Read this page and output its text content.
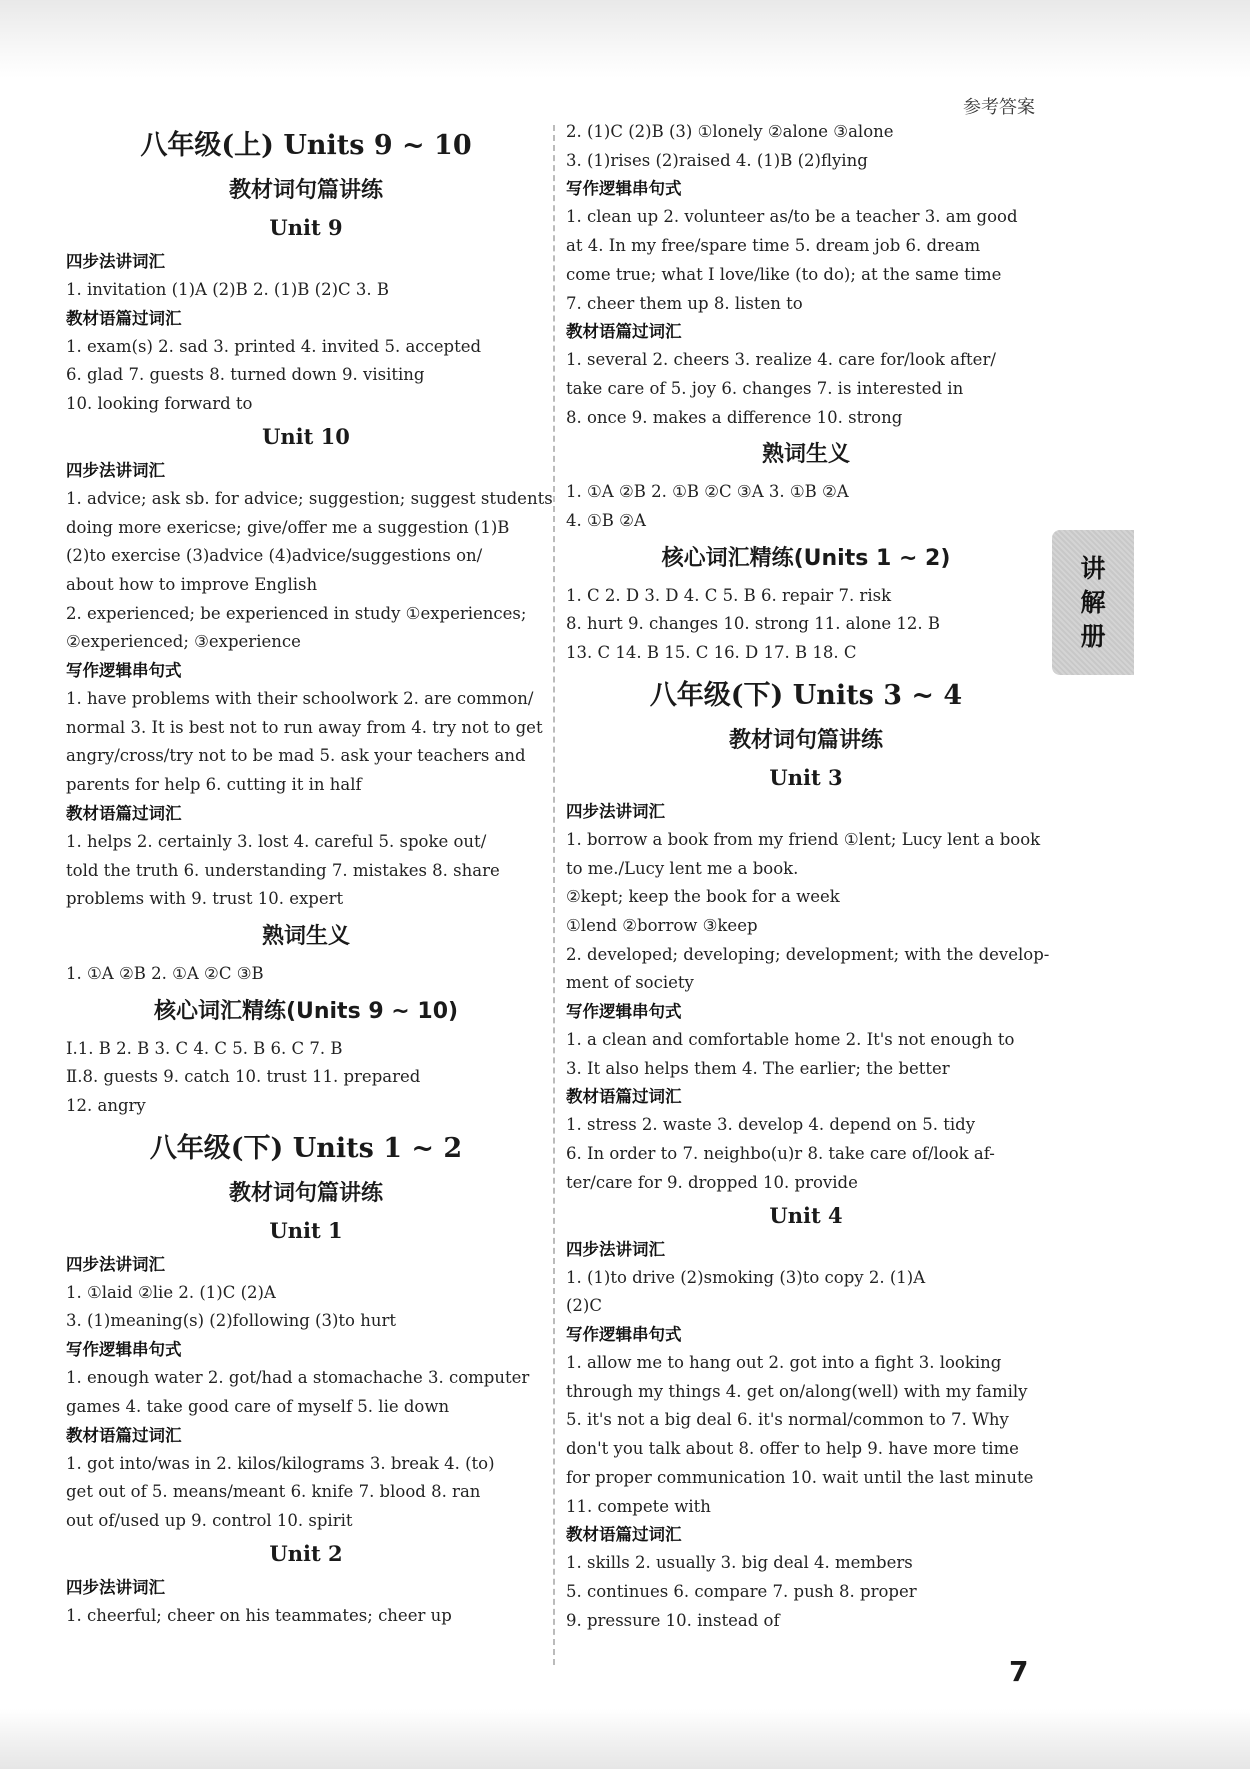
参考答案
八年级(上) Units 9 ~ 10
教材词句篇讲练
Unit 9
四步法讲词汇
1. invitation (1)A (2)B 2. (1)B (2)C 3. B
教材语篇过词汇
1. exam(s) 2. sad 3. printed 4. invited 5. accepted
6. glad 7. guests 8. turned down 9. visiting
10. looking forward to
Unit 10
四步法讲词汇
1. advice; ask sb. for advice; suggestion; suggest students
doing more exericse; give/offer me a suggestion (1)B
(2)to exercise (3)advice (4)advice/suggestions on/
about how to improve English
2. experienced; be experienced in study ①experiences;
②experienced; ③experience
写作逻辑串句式
1. have problems with their schoolwork 2. are common/
normal 3. It is best not to run away from 4. try not to get
angry/cross/try not to be mad 5. ask your teachers and
parents for help 6. cutting it in half
教材语篇过词汇
1. helps 2. certainly 3. lost 4. careful 5. spoke out/
told the truth 6. understanding 7. mistakes 8. share
problems with 9. trust 10. expert
熟词生义
1. ①A ②B 2. ①A ②C ③B
核心词汇精练(Units 9 ~ 10)
Ⅰ.1. B 2. B 3. C 4. C 5. B 6. C 7. B
Ⅱ.8. guests 9. catch 10. trust 11. prepared
12. angry
八年级(下) Units 1 ~ 2
教材词句篇讲练
Unit 1
四步法讲词汇
1. ①laid ②lie 2. (1)C (2)A
3. (1)meaning(s) (2)following (3)to hurt
写作逻辑串句式
1. enough water 2. got/had a stomachache 3. computer
games 4. take good care of myself 5. lie down
教材语篇过词汇
1. got into/was in 2. kilos/kilograms 3. break 4. (to)
get out of 5. means/meant 6. knife 7. blood 8. ran
out of/used up 9. control 10. spirit
Unit 2
四步法讲词汇
1. cheerful; cheer on his teammates; cheer up
2. (1)C (2)B (3) ①lonely ②alone ③alone
3. (1)rises (2)raised 4. (1)B (2)flying
写作逻辑串句式
1. clean up 2. volunteer as/to be a teacher 3. am good
at 4. In my free/spare time 5. dream job 6. dream
come true; what I love/like (to do); at the same time
7. cheer them up 8. listen to
教材语篇过词汇
1. several 2. cheers 3. realize 4. care for/look after/
take care of 5. joy 6. changes 7. is interested in
8. once 9. makes a difference 10. strong
熟词生义
1. ①A ②B 2. ①B ②C ③A 3. ①B ②A
4. ①B ②A
核心词汇精练(Units 1 ~ 2)
1. C 2. D 3. D 4. C 5. B 6. repair 7. risk
8. hurt 9. changes 10. strong 11. alone 12. B
13. C 14. B 15. C 16. D 17. B 18. C
八年级(下) Units 3 ~ 4
教材词句篇讲练
Unit 3
四步法讲词汇
1. borrow a book from my friend ①lent; Lucy lent a book
to me./Lucy lent me a book.
②kept; keep the book for a week
①lend ②borrow ③keep
2. developed; developing; development; with the develop-
ment of society
写作逻辑串句式
1. a clean and comfortable home 2. It's not enough to
3. It also helps them 4. The earlier; the better
教材语篇过词汇
1. stress 2. waste 3. develop 4. depend on 5. tidy
6. In order to 7. neighbo(u)r 8. take care of/look af-
ter/care for 9. dropped 10. provide
Unit 4
四步法讲词汇
1. (1)to drive (2)smoking (3)to copy 2. (1)A
(2)C
写作逻辑串句式
1. allow me to hang out 2. got into a fight 3. looking
through my things 4. get on/along(well) with my family
5. it's not a big deal 6. it's normal/common to 7. Why
don't you talk about 8. offer to help 9. have more time
for proper communication 10. wait until the last minute
11. compete with
教材语篇过词汇
1. skills 2. usually 3. big deal 4. members
5. continues 6. compare 7. push 8. proper
9. pressure 10. instead of
讲
解
册
7
